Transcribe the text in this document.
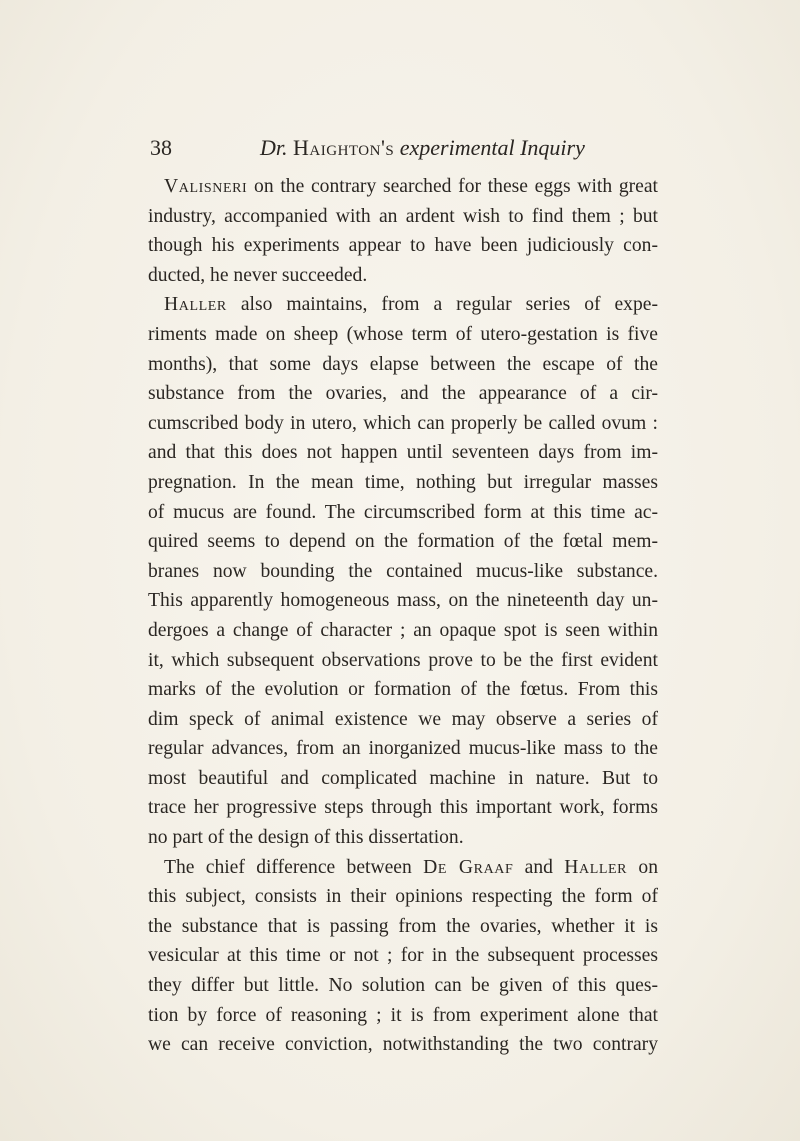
38	Dr. Haighton's experimental Inquiry
Valisneri on the contrary searched for these eggs with great
industry, accompanied with an ardent wish to find them ; but
though his experiments appear to have been judiciously con-
ducted, he never succeeded.
Haller also maintains, from a regular series of expe-
riments made on sheep (whose term of utero-gestation is five
months), that some days elapse between the escape of the
substance from the ovaries, and the appearance of a cir-
cumscribed body in utero, which can properly be called ovum :
and that this does not happen until seventeen days from im-
pregnation. In the mean time, nothing but irregular masses
of mucus are found. The circumscribed form at this time ac-
quired seems to depend on the formation of the fœtal mem-
branes now bounding the contained mucus-like substance.
This apparently homogeneous mass, on the nineteenth day un-
dergoes a change of character ; an opaque spot is seen within
it, which subsequent observations prove to be the first evident
marks of the evolution or formation of the fœtus. From this
dim speck of animal existence we may observe a series of
regular advances, from an inorganized mucus-like mass to the
most beautiful and complicated machine in nature. But to
trace her progressive steps through this important work, forms
no part of the design of this dissertation.
The chief difference between De Graaf and Haller on
this subject, consists in their opinions respecting the form of
the substance that is passing from the ovaries, whether it is
vesicular at this time or not ; for in the subsequent processes
they differ but little. No solution can be given of this ques-
tion by force of reasoning ; it is from experiment alone that
we can receive conviction, notwithstanding the two contrary
